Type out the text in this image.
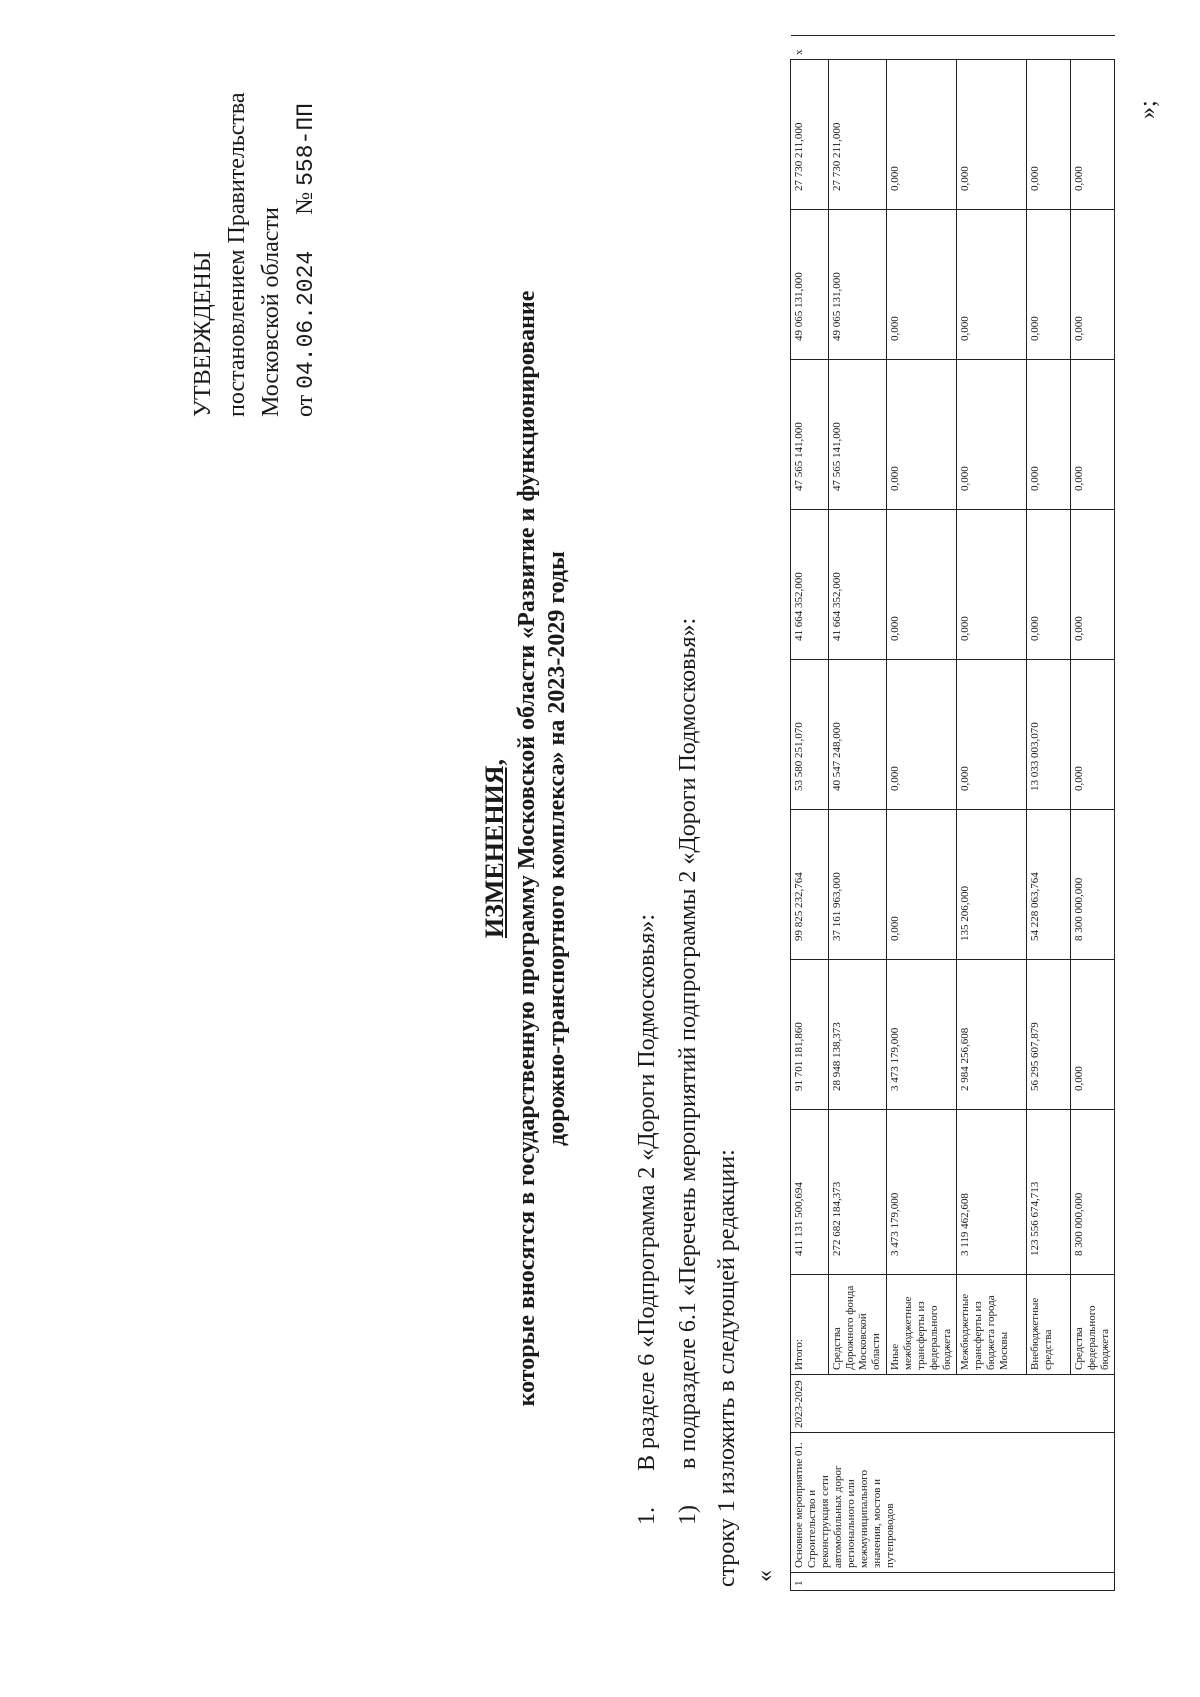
УТВЕРЖДЕНЫ постановлением Правительства Московской области от 04.06.2024  № 558-ПП
ИЗМЕНЕНИЯ, которые вносятся в государственную программу Московской области «Развитие и функционирование дорожно-транспортного комплекса» на 2023-2029 годы
1.      В разделе 6 «Подпрограмма 2 «Дороги Подмосковья»:
1)      в подразделе 6.1 «Перечень мероприятий подпрограммы 2 «Дороги Подмосковья»: строку 1 изложить в следующей редакции: «
»;
1	Основное мероприятие 01. Строительство и реконструкция сети автомобильных дорог регионального или межмуниципального значения, мостов и путепроводов	2023-2029	Итого:	411 131 500,694	91 701 181,860	99 825 232,764	53 580 251,070	41 664 352,000	47 565 141,000	49 065 131,000	27 730 211,000	х
			Средства Дорожного фонда Московской области	272 682 184,373	28 948 138,373	37 161 963,000	40 547 248,000	41 664 352,000	47 565 141,000	49 065 131,000	27 730 211,000	
			Иные межбюджетные трансферты из федерального бюджета	3 473 179,000	3 473 179,000	0,000	0,000	0,000	0,000	0,000	0,000	
			Межбюджетные трансферты из бюджета города Москвы	3 119 462,608	2 984 256,608	135 206,000	0,000	0,000	0,000	0,000	0,000	
			Внебюджетные средства	123 556 674,713	56 295 607,879	54 228 063,764	13 033 003,070	0,000	0,000	0,000	0,000	
			Средства федерального бюджета	8 300 000,000	0,000	8 300 000,000	0,000	0,000	0,000	0,000	0,000	
